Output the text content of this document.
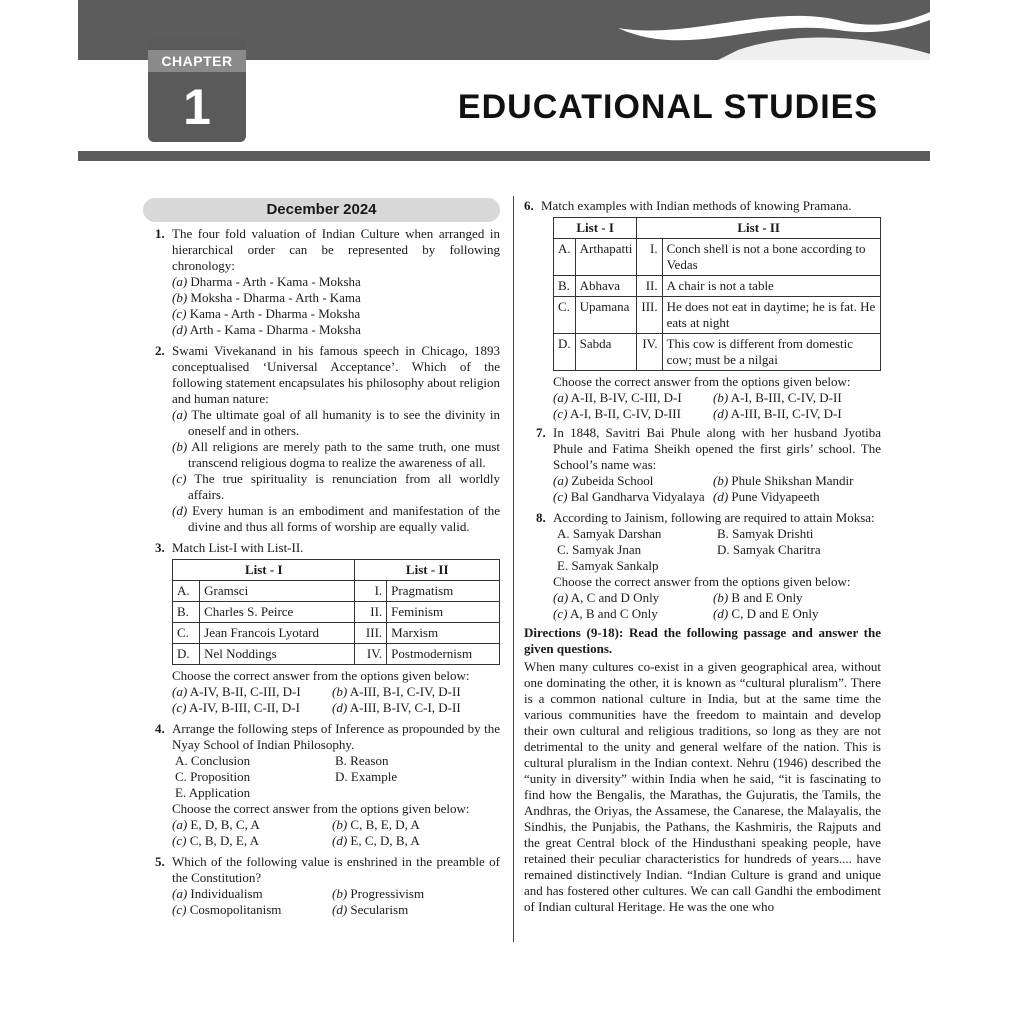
CHAPTER
1	EDUCATIONAL STUDIES
December 2024
1. The four fold valuation of Indian Culture when arranged in hierarchical order can be represented by following chronology:
(a) Dharma - Arth - Kama - Moksha
(b) Moksha - Dharma - Arth - Kama
(c) Kama - Arth - Dharma - Moksha
(d) Arth - Kama - Dharma - Moksha
2. Swami Vivekanand in his famous speech in Chicago, 1893 conceptualised ‘Universal Acceptance’. Which of the following statement encapsulates his philosophy about religion and human nature:
(a) The ultimate goal of all humanity is to see the divinity in oneself and in others.
(b) All religions are merely path to the same truth, one must transcend religious dogma to realize the awareness of all.
(c) The true spirituality is renunciation from all worldly affairs.
(d) Every human is an embodiment and manifestation of the divine and thus all forms of worship are equally valid.
3. Match List-I with List-II.
List - I		List - II	
A.	Gramsci	I.	Pragmatism
B.	Charles S. Peirce	II.	Feminism
C.	Jean Francois Lyotard	III.	Marxism
D.	Nel Noddings	IV.	Postmodernism
Choose the correct answer from the options given below:
(a) A-IV, B-II, C-III, D-I	(b) A-III, B-I, C-IV, D-II
(c) A-IV, B-III, C-II, D-I	(d) A-III, B-IV, C-I, D-II
4. Arrange the following steps of Inference as propounded by the Nyay School of Indian Philosophy.
A. Conclusion	B. Reason
C. Proposition	D. Example
E. Application
Choose the correct answer from the options given below:
(a) E, D, B, C, A	(b) C, B, E, D, A
(c) C, B, D, E, A	(d) E, C, D, B, A
5. Which of the following value is enshrined in the preamble of the Constitution?
(a) Individualism	(b) Progressivism
(c) Cosmopolitanism	(d) Secularism
6. Match examples with Indian methods of knowing Pramana.
List - I		List - II	
A.	Arthapatti	I.	Conch shell is not a bone according to Vedas
B.	Abhava	II.	A chair is not a table
C.	Upamana	III.	He does not eat in daytime; he is fat. He eats at night
D.	Sabda	IV.	This cow is different from domestic cow; must be a nilgai
Choose the correct answer from the options given below:
(a) A-II, B-IV, C-III, D-I	(b) A-I, B-III, C-IV, D-II
(c) A-I, B-II, C-IV, D-III	(d) A-III, B-II, C-IV, D-I
7. In 1848, Savitri Bai Phule along with her husband Jyotiba Phule and Fatima Sheikh opened the first girls’ school. The School’s name was:
(a) Zubeida School	(b) Phule Shikshan Mandir
(c) Bal Gandharva Vidyalaya (d) Pune Vidyapeeth
8. According to Jainism, following are required to attain Moksa:
A. Samyak Darshan	B. Samyak Drishti
C. Samyak Jnan	D. Samyak Charitra
E. Samyak Sankalp
Choose the correct answer from the options given below:
(a) A, C and D Only	(b) B and E Only
(c) A, B and C Only	(d) C, D and E Only
Directions (9-18): Read the following passage and answer the given questions.
When many cultures co-exist in a given geographical area, without one dominating the other, it is known as “cultural pluralism”. There is a common national culture in India, but at the same time the various communities have the freedom to maintain and develop their own cultural and religious traditions, so long as they are not detrimental to the unity and general welfare of the nation. This is cultural pluralism in the Indian context. Nehru (1946) described the “unity in diversity” within India when he said, “it is fascinating to find how the Bengalis, the Marathas, the Gujuratis, the Tamils, the Andhras, the Oriyas, the Assamese, the Canarese, the Malayalis, the Sindhis, the Punjabis, the Pathans, the Kashmiris, the Rajputs and the great Central block of the Hindusthani speaking people, have retained their peculiar characteristics for hundreds of years.... have remained distinctively Indian. “Indian Culture is grand and unique and has fostered other cultures. We can call Gandhi the embodiment of Indian cultural Heritage. He was the one who
